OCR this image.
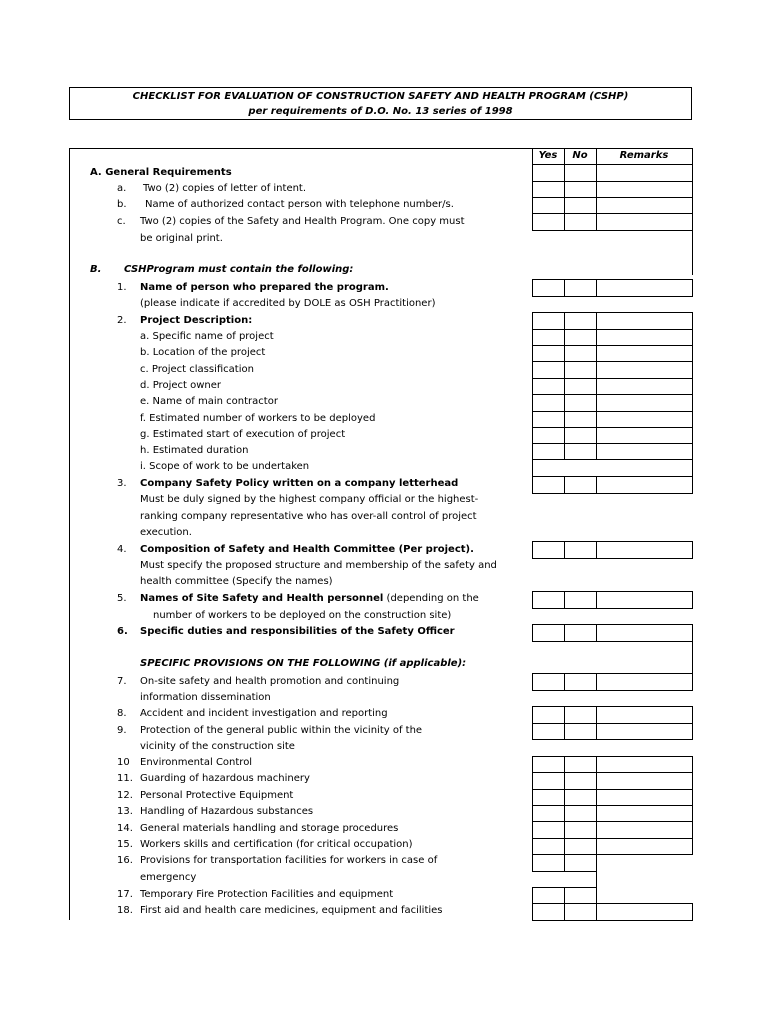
CHECKLIST FOR EVALUATION OF CONSTRUCTION SAFETY AND HEALTH PROGRAM (CSHP)
per requirements of D.O. No. 13 series of 1998
Yes	No	Remarks
A. General Requirements
a. Two (2) copies of letter of intent.
b. Name of authorized contact person with telephone number/s.
c. Two (2) copies of the Safety and Health Program. One copy must
be original print.
B. CSHProgram must contain the following:
1. Name of person who prepared the program.
(please indicate if accredited by DOLE as OSH Practitioner)
2. Project Description:
a. Specific name of project
b. Location of the project
c. Project classification
d. Project owner
e. Name of main contractor
f. Estimated number of workers to be deployed
g. Estimated start of execution of project
h. Estimated duration
i. Scope of work to be undertaken
3. Company Safety Policy written on a company letterhead
Must be duly signed by the highest company official or the highest-
ranking company representative who has over-all control of project
execution.
4. Composition of Safety and Health Committee (Per project).
Must specify the proposed structure and membership of the safety and
health committee (Specify the names)
5. Names of Site Safety and Health personnel (depending on the
number of workers to be deployed on the construction site)
6. Specific duties and responsibilities of the Safety Officer
SPECIFIC PROVISIONS ON THE FOLLOWING (if applicable):
7. On-site safety and health promotion and continuing
information dissemination
8. Accident and incident investigation and reporting
9. Protection of the general public within the vicinity of the
vicinity of the construction site
10 Environmental Control
11. Guarding of hazardous machinery
12. Personal Protective Equipment
13. Handling of Hazardous substances
14. General materials handling and storage procedures
15. Workers skills and certification (for critical occupation)
16. Provisions for transportation facilities for workers in case of
emergency
17. Temporary Fire Protection Facilities and equipment
18. First aid and health care medicines, equipment and facilities
